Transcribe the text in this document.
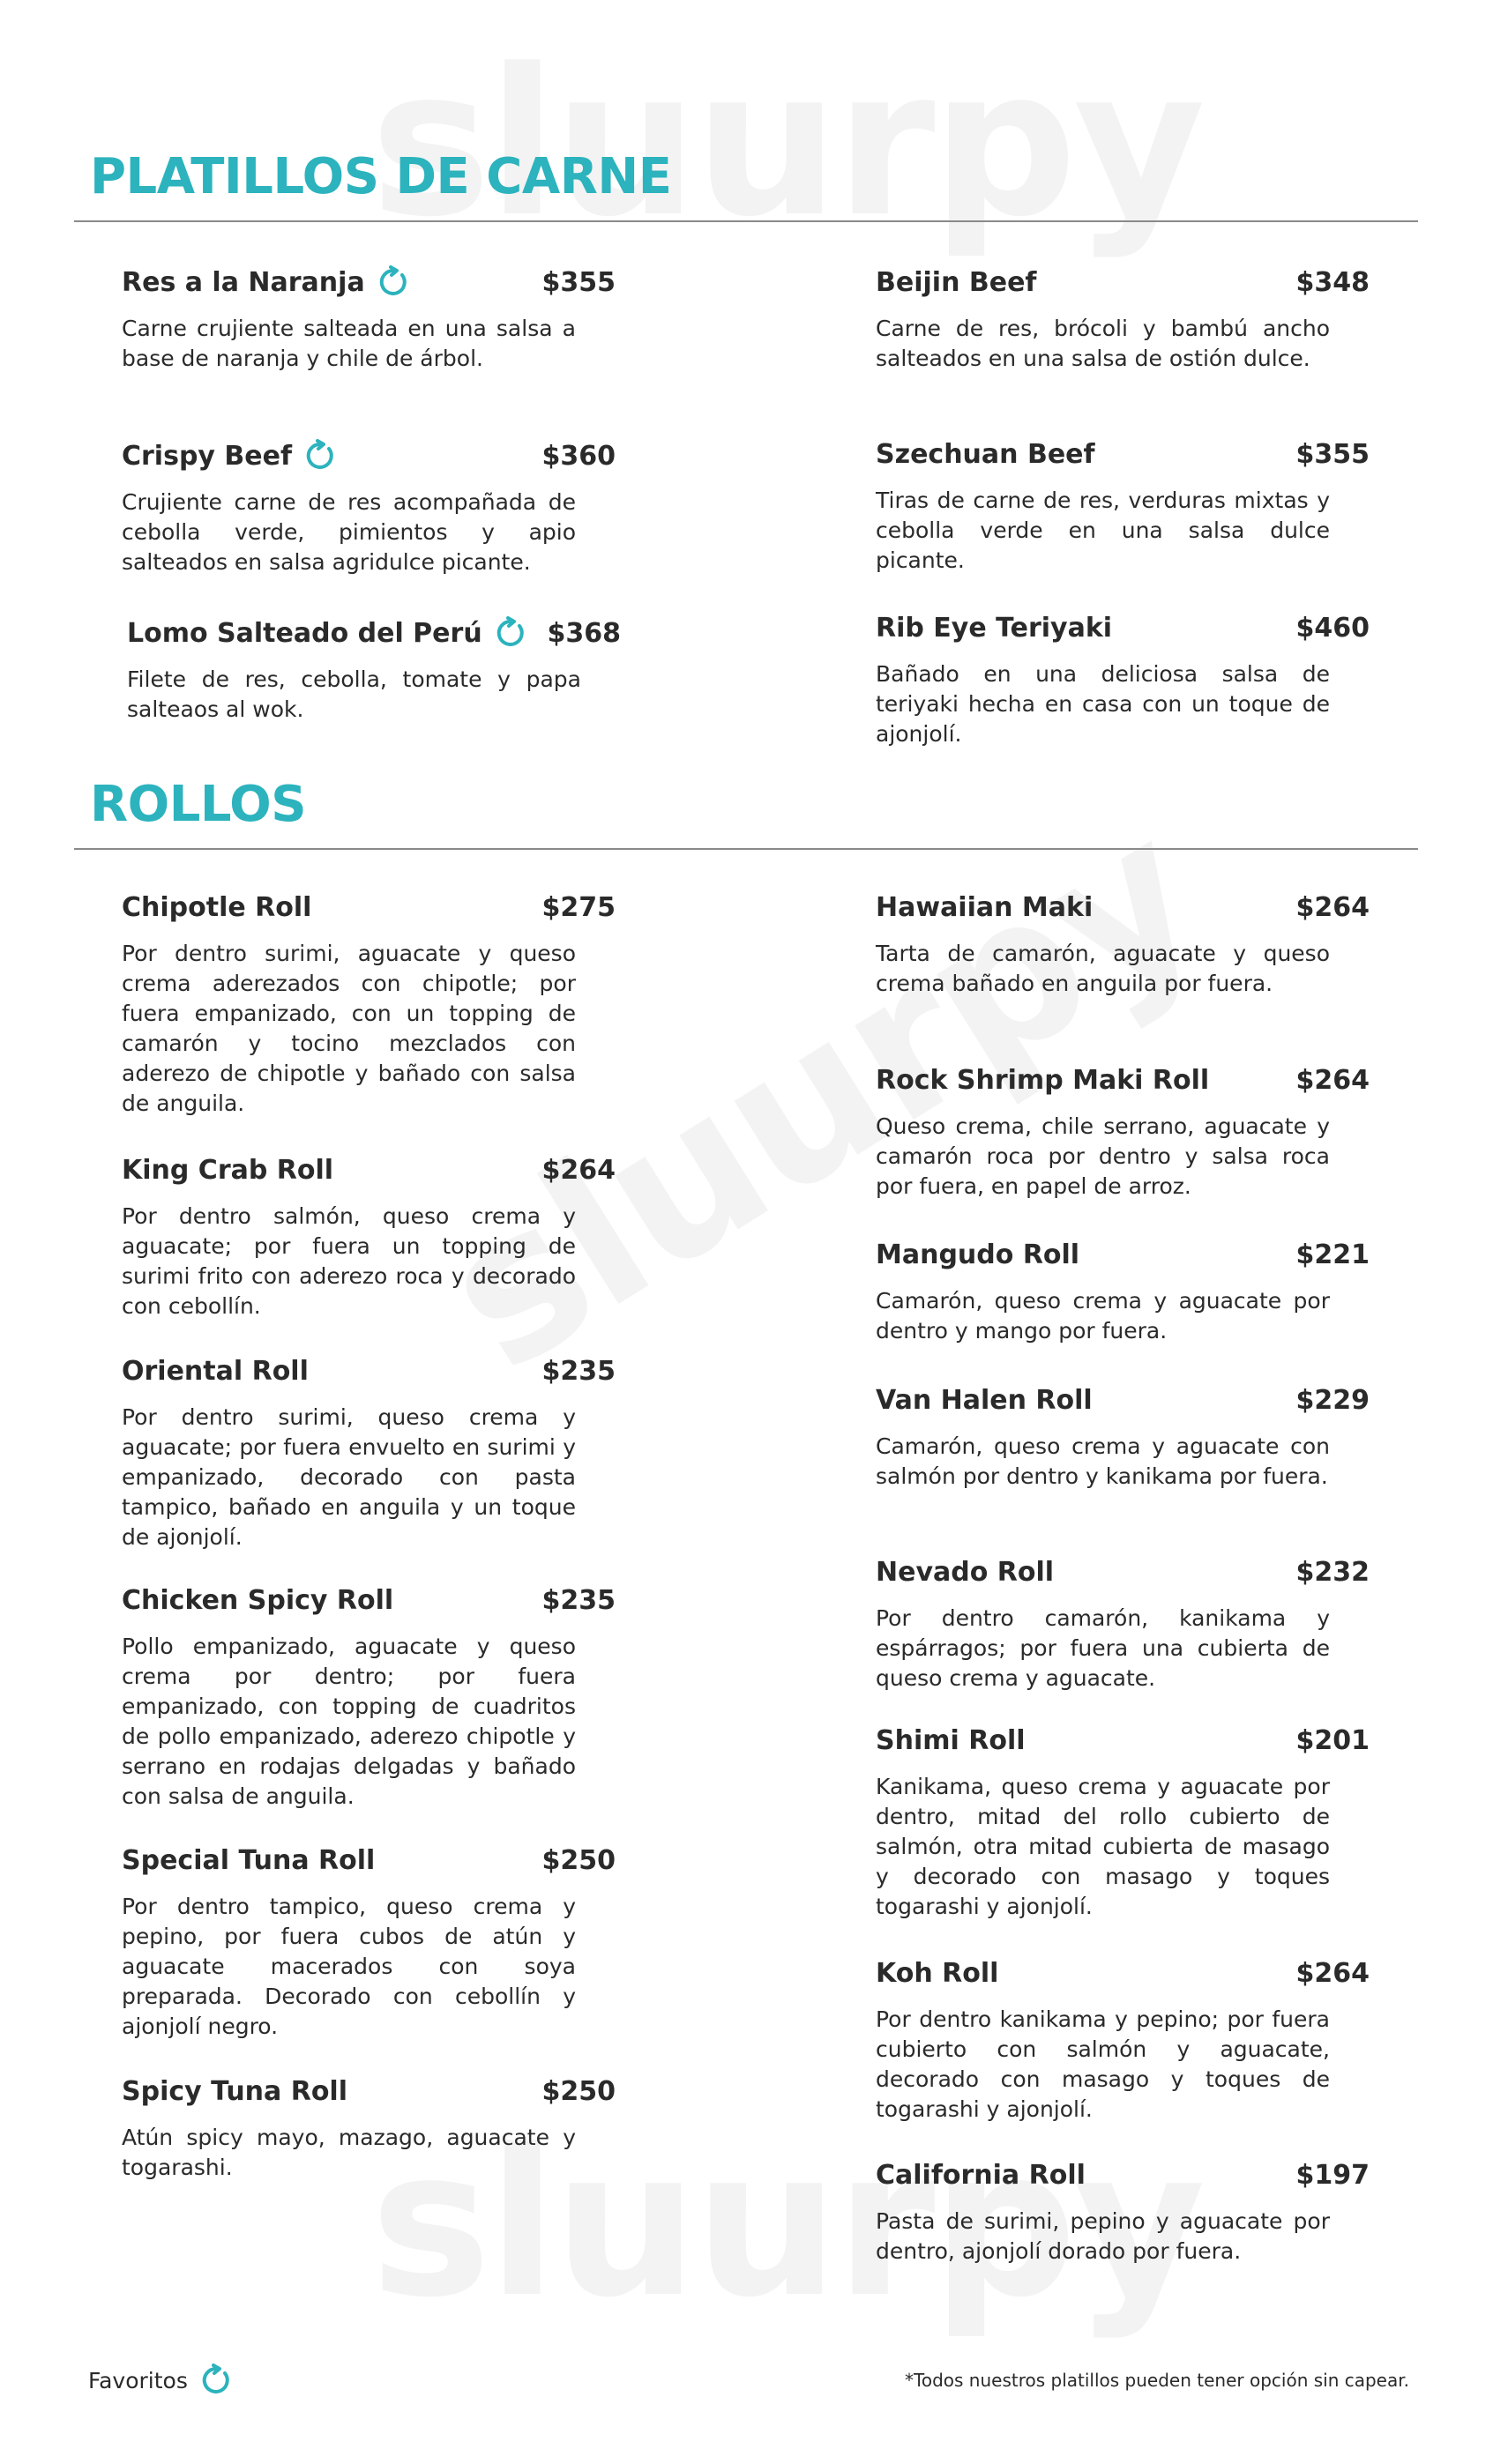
PLATILLOS DE CARNE
Res a la Naranja	$355
Carne crujiente salteada en una salsa a base de naranja y chile de árbol.
Crispy Beef	$360
Crujiente carne de res acompañada de cebolla verde, pimientos y apio salteados en salsa agridulce picante.
Lomo Salteado del Perú $368
Filete de res, cebolla, tomate y papa salteaos al wok.
Beijin Beef	$348
Carne de res, brócoli y bambú ancho salteados en una salsa de ostión dulce.
Szechuan Beef	$355
Tiras de carne de res, verduras mixtas y cebolla verde en una salsa dulce picante.
Rib Eye Teriyaki	$460
Bañado en una deliciosa salsa de teriyaki hecha en casa con un toque de ajonjolí.
ROLLOS
Chipotle Roll	$275
Por dentro surimi, aguacate y queso crema aderezados con chipotle; por fuera empanizado, con un topping de camarón y tocino mezclados con aderezo de chipotle y bañado con salsa de anguila.
King Crab Roll	$264
Por dentro salmón, queso crema y aguacate; por fuera un topping de surimi frito con aderezo roca y decorado con cebollín.
Oriental Roll	$235
Por dentro surimi, queso crema y aguacate; por fuera envuelto en surimi y empanizado, decorado con pasta tampico, bañado en anguila y un toque de ajonjolí.
Chicken Spicy Roll	$235
Pollo empanizado, aguacate y queso crema por dentro; por fuera empanizado, con topping de cuadritos de pollo empanizado, aderezo chipotle y serrano en rodajas delgadas y bañado con salsa de anguila.
Special Tuna Roll	$250
Por dentro tampico, queso crema y pepino, por fuera cubos de atún y aguacate macerados con soya preparada. Decorado con cebollín y ajonjolí negro.
Spicy Tuna Roll	$250
Atún spicy mayo, mazago, aguacate y togarashi.
Hawaiian Maki	$264
Tarta de camarón, aguacate y queso crema bañado en anguila por fuera.
Rock Shrimp Maki Roll	$264
Queso crema, chile serrano, aguacate y camarón roca por dentro y salsa roca por fuera, en papel de arroz.
Mangudo Roll	$221
Camarón, queso crema y aguacate por dentro y mango por fuera.
Van Halen Roll	$229
Camarón, queso crema y aguacate con salmón por dentro y kanikama por fuera.
Nevado Roll	$232
Por dentro camarón, kanikama y espárragos; por fuera una cubierta de queso crema y aguacate.
Shimi Roll	$201
Kanikama, queso crema y aguacate por dentro, mitad del rollo cubierto de salmón, otra mitad cubierta de masago y decorado con masago y toques togarashi y ajonjolí.
Koh Roll	$264
Por dentro kanikama y pepino; por fuera cubierto con salmón y aguacate, decorado con masago y toques de togarashi y ajonjolí.
California Roll	$197
Pasta de surimi, pepino y aguacate por dentro, ajonjolí dorado por fuera.
Favoritos	*Todos nuestros platillos pueden tener opción sin capear.
